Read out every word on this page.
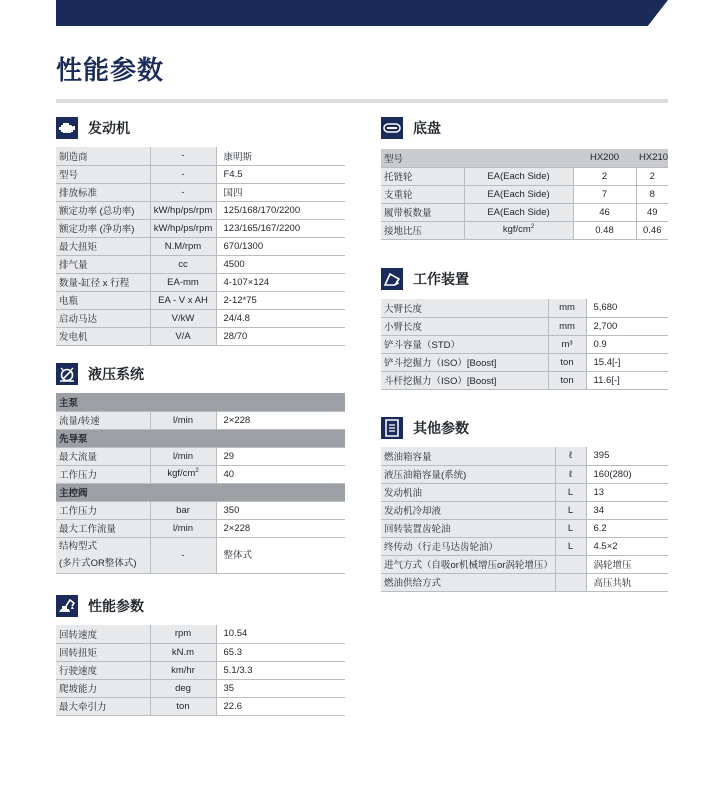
性能参数
发动机
制造商	-	康明斯
型号	-	F4.5
排放标准	-	国四
额定功率 (总功率)	kW/hp/ps/rpm	125/168/170/2200
额定功率 (净功率)	kW/hp/ps/rpm	123/165/167/2200
最大扭矩	N.M/rpm	670/1300
排气量	cc	4500
数量-缸径 x 行程	EA-mm	4-107×124
电瓶	EA - V x AH	2-12*75
启动马达	V/kW	24/4.8
发电机	V/A	28/70
液压系统
主泵		
流量/转速	l/min	2×228
先导泵		
最大流量	l/min	29
工作压力	kgf/$cm^2$	40
主控阀		
工作压力	bar	350
最大工作流量	l/min	2×228

结构型式
(多片式OR整体式)	-	整体式
性能参数
回转速度	rpm	10.54
回转扭矩	kN.m	65.3
行驶速度	km/hr	5.1/3.3
爬坡能力	deg	35
最大牵引力	ton	22.6
底盘
型号		HX200	HX210
托链轮	EA(Each Side)	2	2
支重轮	EA(Each Side)	7	8
履带板数量	EA(Each Side)	46	49
接地比压	kgf/$cm^2$	0.48	0.46
工作装置
大臂长度	mm	5,680
小臂长度	mm	2,700
铲斗容量（STD）	m³	0.9
铲斗挖掘力（ISO）[Boost]	ton	15.4[-]
斗杆挖掘力（ISO）[Boost]	ton	11.6[-]
其他参数
燃油箱容量	ℓ	395
液压油箱容量(系统)	ℓ	160(280)
发动机油	L	13
发动机冷却液	L	34
回转装置齿轮油	L	6.2
终传动（行走马达齿轮油）	L	4.5×2
进气方式（自吸or机械增压or涡轮增压）		涡轮增压
燃油供给方式		高压共轨
